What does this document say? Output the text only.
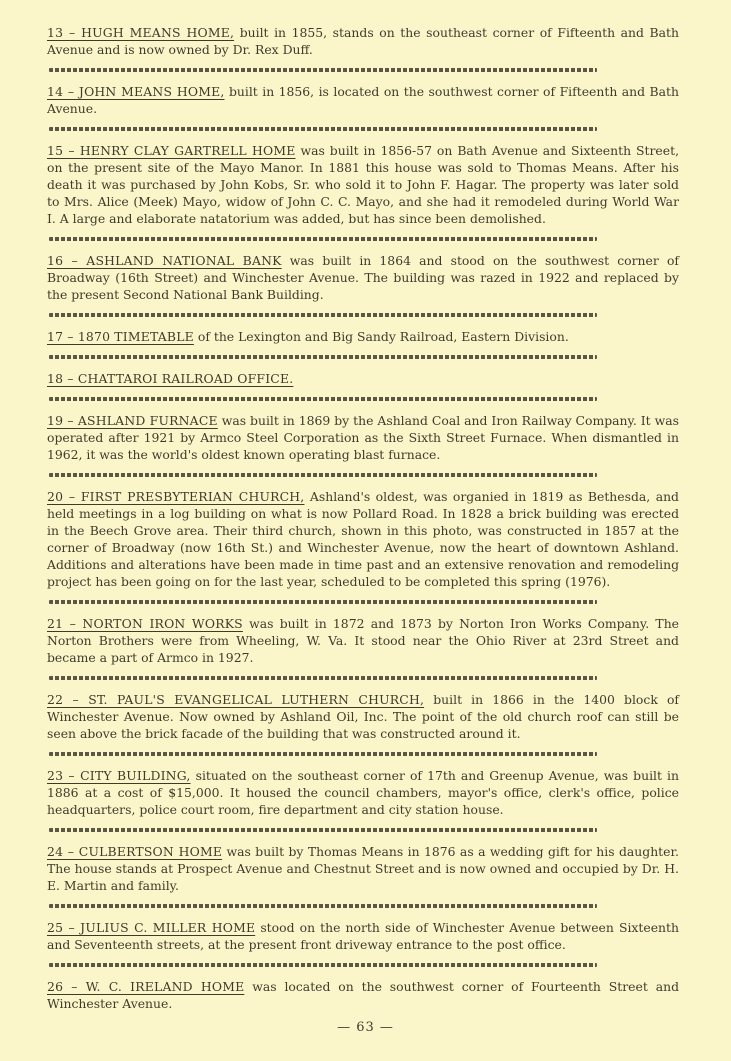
13 – HUGH MEANS HOME, built in 1855, stands on the southeast corner of Fifteenth and Bath Avenue and is now owned by Dr. Rex Duff.

14 – JOHN MEANS HOME, built in 1856, is located on the southwest corner of Fifteenth and Bath Avenue.

15 – HENRY CLAY GARTRELL HOME was built in 1856-57 on Bath Avenue and Sixteenth Street, on the present site of the Mayo Manor. In 1881 this house was sold to Thomas Means. After his death it was purchased by John Kobs, Sr. who sold it to John F. Hagar. The property was later sold to Mrs. Alice (Meek) Mayo, widow of John C. C. Mayo, and she had it remodeled during World War I. A large and elaborate natatorium was added, but has since been demolished.

16 – ASHLAND NATIONAL BANK was built in 1864 and stood on the southwest corner of Broadway (16th Street) and Winchester Avenue. The building was razed in 1922 and replaced by the present Second National Bank Building.

17 – 1870 TIMETABLE of the Lexington and Big Sandy Railroad, Eastern Division.

18 – CHATTAROI RAILROAD OFFICE.

19 – ASHLAND FURNACE was built in 1869 by the Ashland Coal and Iron Railway Company. It was operated after 1921 by Armco Steel Corporation as the Sixth Street Furnace. When dismantled in 1962, it was the world's oldest known operating blast furnace.

20 – FIRST PRESBYTERIAN CHURCH, Ashland's oldest, was organied in 1819 as Bethesda, and held meetings in a log building on what is now Pollard Road. In 1828 a brick building was erected in the Beech Grove area. Their third church, shown in this photo, was constructed in 1857 at the corner of Broadway (now 16th St.) and Winchester Avenue, now the heart of downtown Ashland. Additions and alterations have been made in time past and an extensive renovation and remodeling project has been going on for the last year, scheduled to be completed this spring (1976).

21 – NORTON IRON WORKS was built in 1872 and 1873 by Norton Iron Works Company. The Norton Brothers were from Wheeling, W. Va. It stood near the Ohio River at 23rd Street and became a part of Armco in 1927.

22 – ST. PAUL'S EVANGELICAL LUTHERN CHURCH, built in 1866 in the 1400 block of Winchester Avenue. Now owned by Ashland Oil, Inc. The point of the old church roof can still be seen above the brick facade of the building that was constructed around it.

23 – CITY BUILDING, situated on the southeast corner of 17th and Greenup Avenue, was built in 1886 at a cost of $15,000. It housed the council chambers, mayor's office, clerk's office, police headquarters, police court room, fire department and city station house.

24 – CULBERTSON HOME was built by Thomas Means in 1876 as a wedding gift for his daughter. The house stands at Prospect Avenue and Chestnut Street and is now owned and occupied by Dr. H. E. Martin and family.

25 – JULIUS C. MILLER HOME stood on the north side of Winchester Avenue between Sixteenth and Seventeenth streets, at the present front driveway entrance to the post office.

26 – W. C. IRELAND HOME was located on the southwest corner of Fourteenth Street and Winchester Avenue.

— 63 —
